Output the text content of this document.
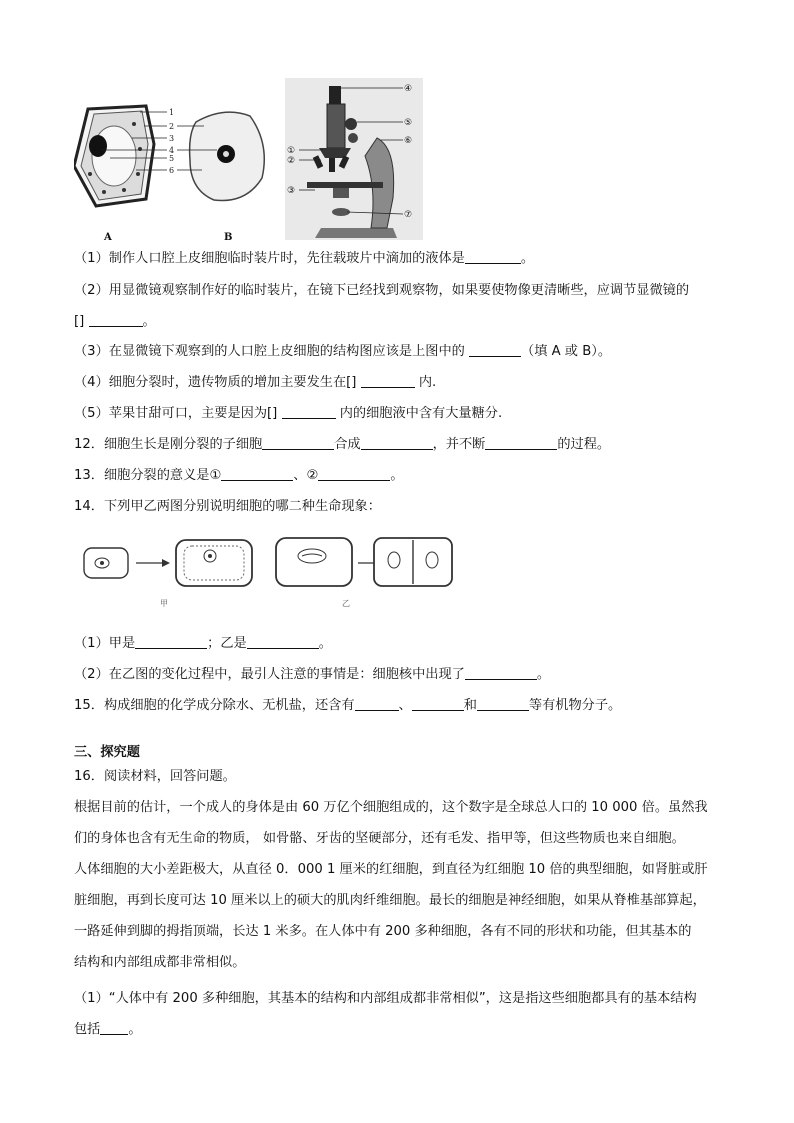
1
2
3
4
5
6
A	B
④
⑤
⑥
①
②
③
⑦
（1）制作人口腔上皮细胞临时装片时，先往载玻片中滴加的液体是	。
（2）用显微镜观察制作好的临时装片，在镜下已经找到观察物，如果要使物像更清晰些，应调节显微镜的
[]	。
（3）在显微镜下观察到的人口腔上皮细胞的结构图应该是上图中的	（填 A 或 B）。
（4）细胞分裂时，遗传物质的增加主要发生在[]	内.
（5）苹果甘甜可口，主要是因为[]	内的细胞液中含有大量糖分.
12．细胞生长是刚分裂的子细胞	合成	，并不断	的过程。
13．细胞分裂的意义是①	、②	。
14．下列甲乙两图分别说明细胞的哪二种生命现象：
甲	乙
（1）甲是	；乙是	。
（2）在乙图的变化过程中，最引人注意的事情是：细胞核中出现了	。
15．构成细胞的化学成分除水、无机盐，还含有	、	和	等有机物分子。
三、探究题
16．阅读材料，回答问题。
根据目前的估计，一个成人的身体是由 60 万亿个细胞组成的，这个数字是全球总人口的 10 000 倍。虽然我
们的身体也含有无生命的物质， 如骨骼、牙齿的坚硬部分，还有毛发、指甲等，但这些物质也来自细胞。
人体细胞的大小差距极大，从直径 0．000 1 厘米的红细胞，到直径为红细胞 10 倍的典型细胞，如肾脏或肝
脏细胞，再到长度可达 10 厘米以上的硕大的肌肉纤维细胞。最长的细胞是神经细胞，如果从脊椎基部算起，
一路延伸到脚的拇指顶端，长达 1 米多。在人体中有 200 多种细胞，各有不同的形状和功能，但其基本的
结构和内部组成都非常相似。
（1）“人体中有 200 多种细胞，其基本的结构和内部组成都非常相似”，这是指这些细胞都具有的基本结构
包括 。
